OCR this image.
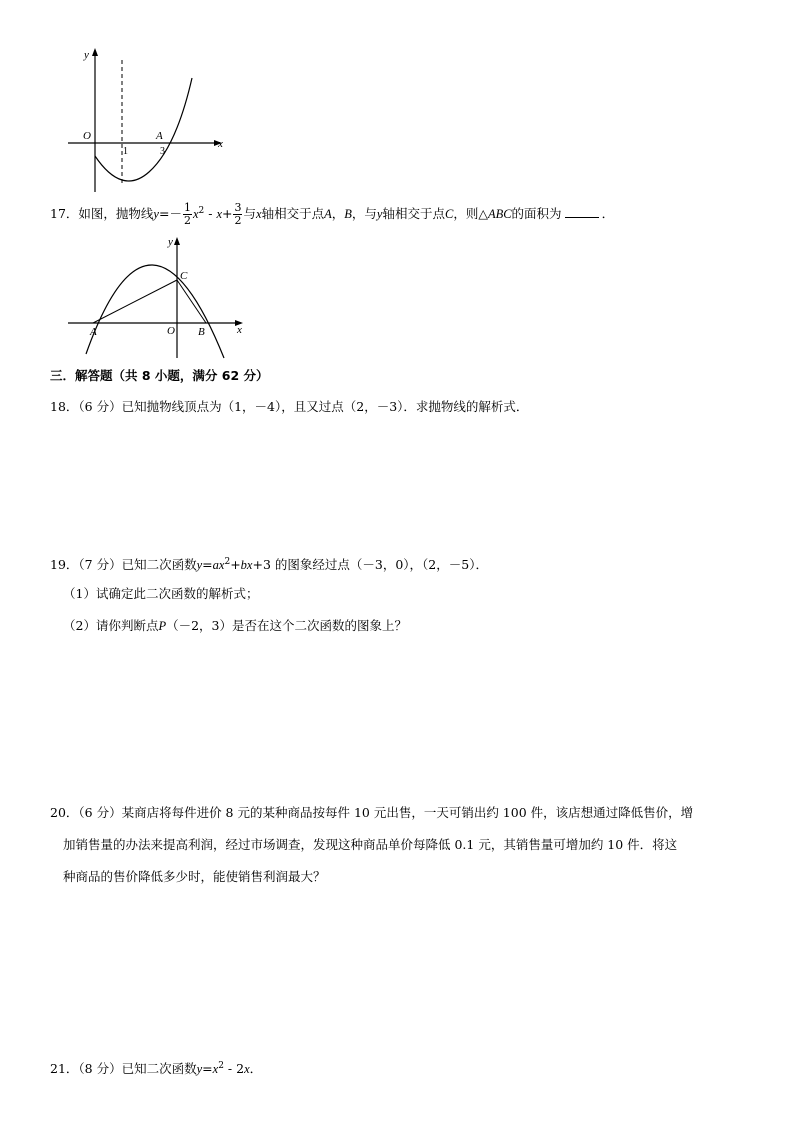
y
x
O	A
1	3
17．如图，抛物线$y=- \frac{1}{2} x^2 - x+ \frac{3}{2}$ 与x轴相交于点A，B，与y轴相交于点C，则△ABC的面积为	．
y
x
O
A	B
C
三．解答题（共 8 小题，满分 62 分）
18．（6 分）已知抛物线顶点为（1，－4），且又过点（2，－3）．求抛物线的解析式．
19．（7 分）已知二次函数$y=ax^2+bx+3$ 的图象经过点（－3，0），（2，－5）．
（1）试确定此二次函数的解析式；
（2）请你判断点P（－2，3）是否在这个二次函数的图象上？
20．（6 分）某商店将每件进价 8 元的某种商品按每件 10 元出售，一天可销出约 100 件，该店想通过降低售价，增
加销售量的办法来提高利润，经过市场调查，发现这种商品单价每降低 0.1 元，其销售量可增加约 10 件．将这
种商品的售价降低多少时，能使销售利润最大？
21．（8 分）已知二次函数$y=x^2 - 2x$．
